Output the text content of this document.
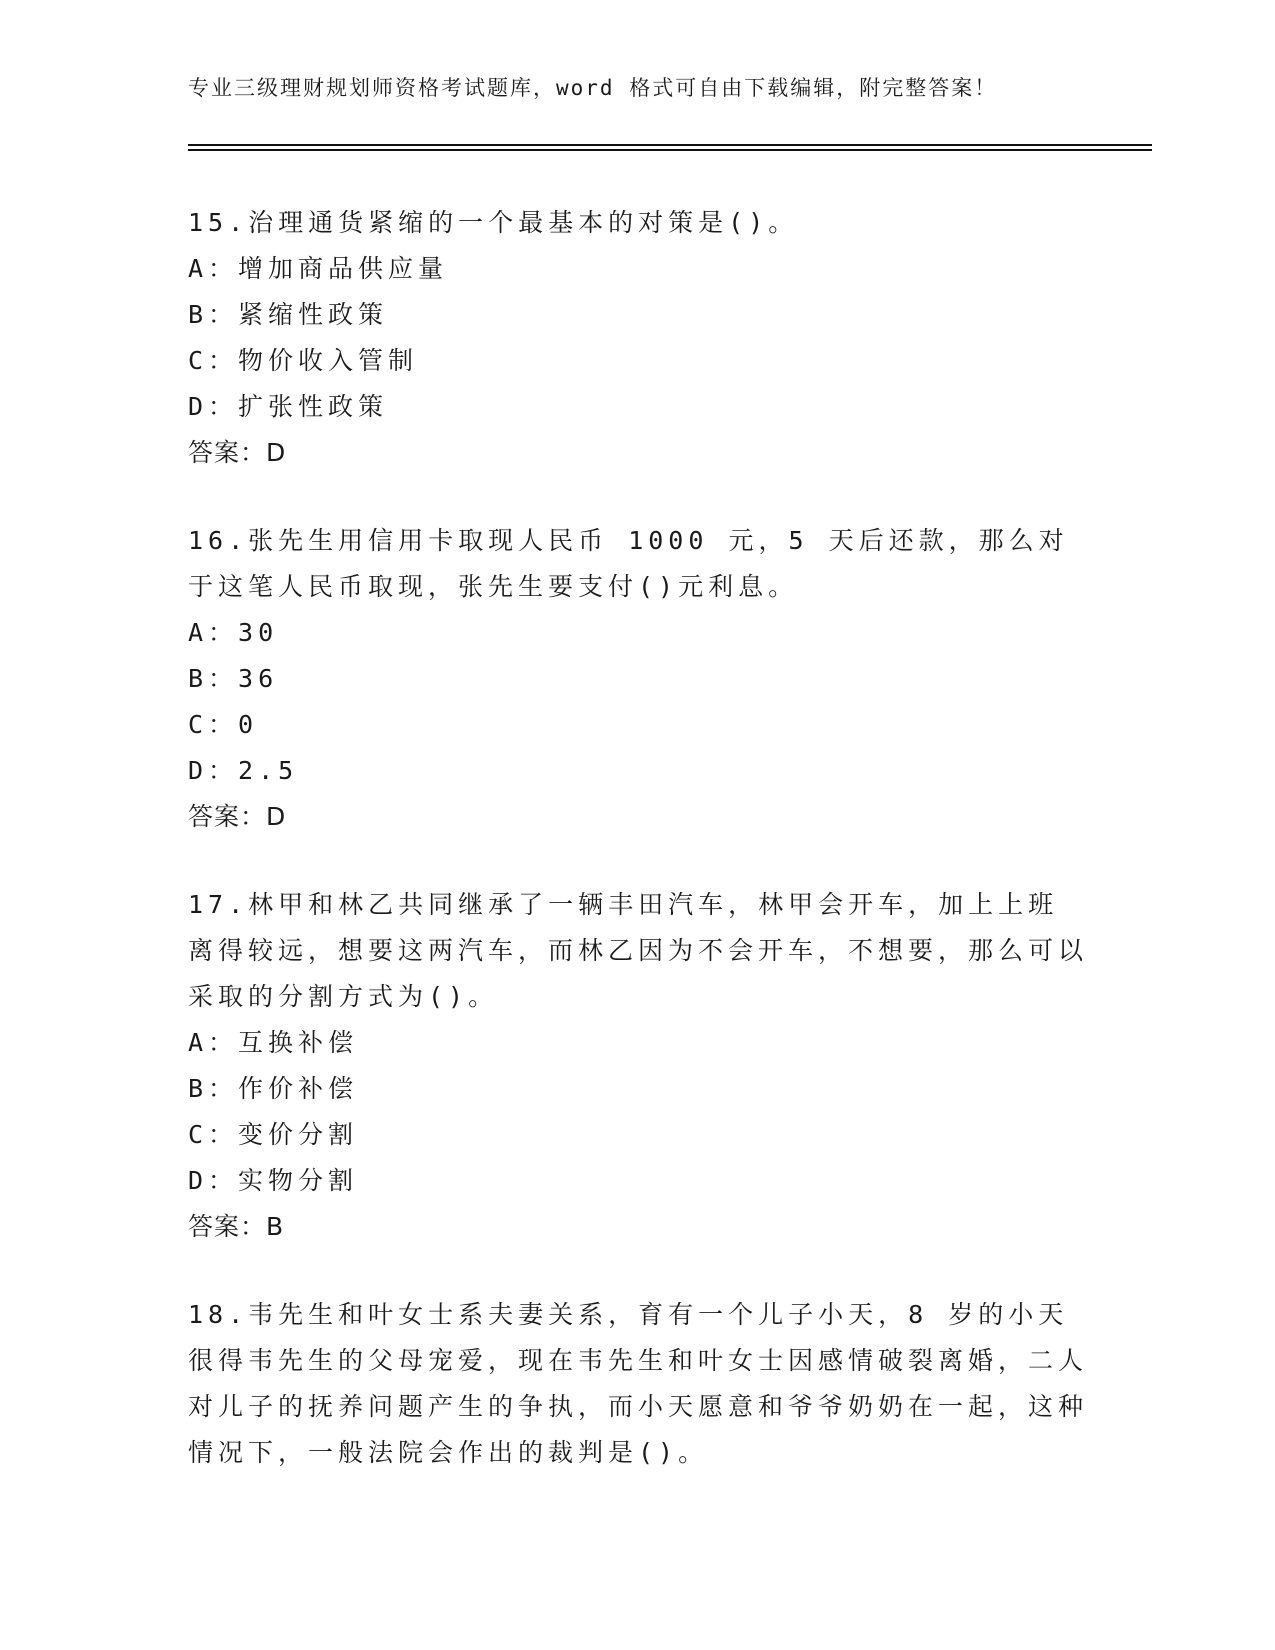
专业三级理财规划师资格考试题库，word 格式可自由下载编辑，附完整答案！

15.治理通货紧缩的一个最基本的对策是()。

A：增加商品供应量

B：紧缩性政策

C：物价收入管制

D：扩张性政策

答案：D

16.张先生用信用卡取现人民币 1000 元，5 天后还款，那么对于这笔人民币取现，张先生要支付()元利息。

A：30

B：36

C：0

D：2.5

答案：D

17.林甲和林乙共同继承了一辆丰田汽车，林甲会开车，加上上班离得较远，想要这两汽车，而林乙因为不会开车，不想要，那么可以采取的分割方式为()。

A：互换补偿

B：作价补偿

C：变价分割

D：实物分割

答案：B

18.韦先生和叶女士系夫妻关系，育有一个儿子小天，8 岁的小天很得韦先生的父母宠爱，现在韦先生和叶女士因感情破裂离婚，二人对儿子的抚养问题产生的争执，而小天愿意和爷爷奶奶在一起，这种情况下，一般法院会作出的裁判是()。
